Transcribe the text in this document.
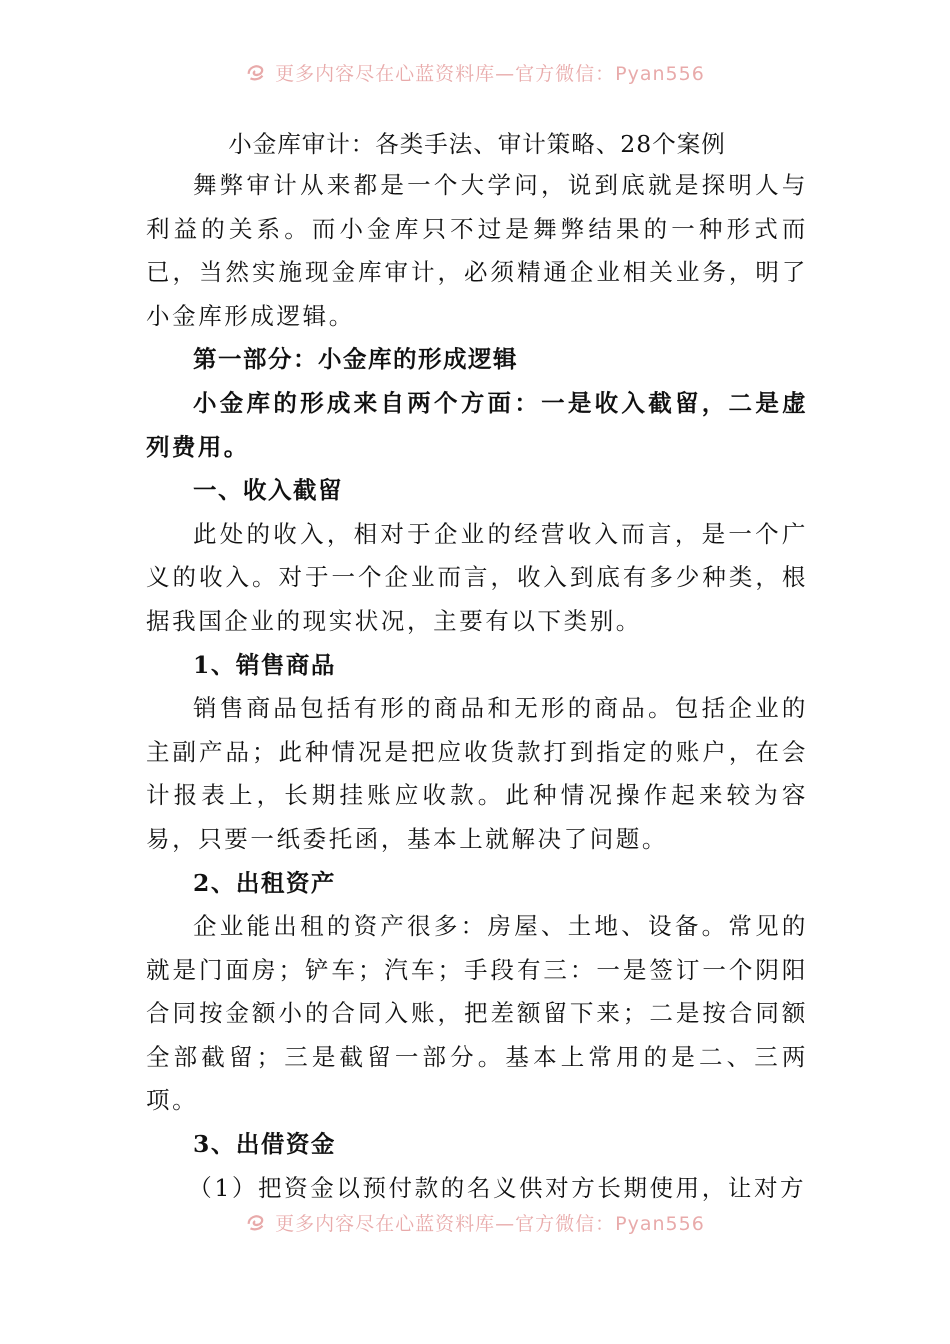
更多内容尽在心蓝资料库—官方微信：Pyan556
小金库审计：各类手法、审计策略、28个案例
舞弊审计从来都是一个大学问，说到底就是探明人与利益的关系。而小金库只不过是舞弊结果的一种形式而已，当然实施现金库审计，必须精通企业相关业务，明了小金库形成逻辑。
第一部分：小金库的形成逻辑
小金库的形成来自两个方面：一是收入截留，二是虚列费用。
一、收入截留
此处的收入，相对于企业的经营收入而言，是一个广义的收入。对于一个企业而言，收入到底有多少种类，根据我国企业的现实状况，主要有以下类别。
1、销售商品
销售商品包括有形的商品和无形的商品。包括企业的主副产品；此种情况是把应收货款打到指定的账户，在会计报表上，长期挂账应收款。此种情况操作起来较为容易，只要一纸委托函，基本上就解决了问题。
2、出租资产
企业能出租的资产很多：房屋、土地、设备。常见的就是门面房；铲车；汽车；手段有三：一是签订一个阴阳合同按金额小的合同入账，把差额留下来；二是按合同额全部截留；三是截留一部分。基本上常用的是二、三两项。
3、出借资金
（1）把资金以预付款的名义供对方长期使用，让对方
更多内容尽在心蓝资料库—官方微信：Pyan556
